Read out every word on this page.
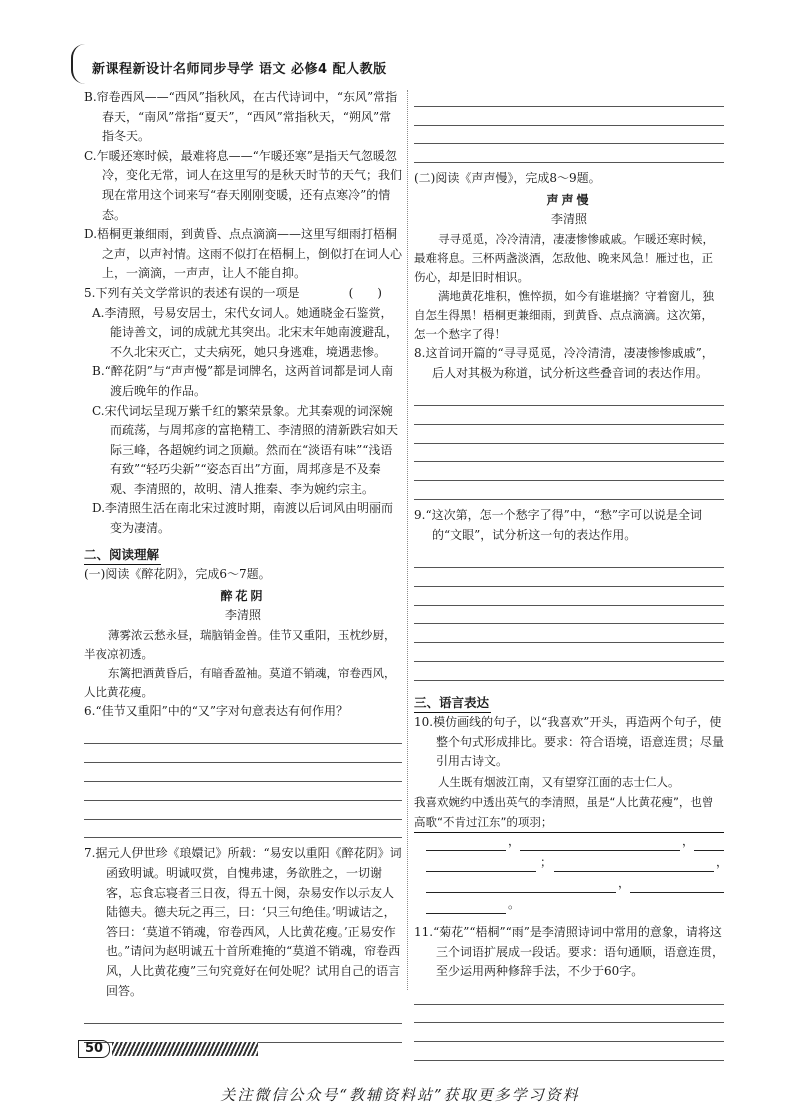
新课程新设计名师同步导学 语文 必修4 配人教版

B.帘卷西风——“西风”指秋风，在古代诗词中，“东风”常指春天，“南风”常指“夏天”，“西风”常指秋天，“朔风”常指冬天。

C.乍暖还寒时候，最难将息——“乍暖还寒”是指天气忽暖忽冷，变化无常，词人在这里写的是秋天时节的天气；我们现在常用这个词来写“春天刚刚变暖，还有点寒冷”的情态。

D.梧桐更兼细雨，到黄昏、点点滴滴——这里写细雨打梧桐之声，以声衬情。这雨不似打在梧桐上，倒似打在词人心上，一滴滴，一声声，让人不能自抑。

5.下列有关文学常识的表述有误的一项是	(　　)

A.李清照，号易安居士，宋代女词人。她通晓金石鉴赏，能诗善文，词的成就尤其突出。北宋末年她南渡避乱，不久北宋灭亡，丈夫病死，她只身逃难，境遇悲惨。

B.“醉花阴”与“声声慢”都是词牌名，这两首词都是词人南渡后晚年的作品。

C.宋代词坛呈现万紫千红的繁荣景象。尤其秦观的词深婉而疏荡，与周邦彦的富艳精工、李清照的清新跌宕如天际三峰，各超婉约词之顶巅。然而在“淡语有味”“浅语有致”“轻巧尖新”“姿态百出”方面，周邦彦是不及秦观、李清照的，故明、清人推秦、李为婉约宗主。

D.李清照生活在南北宋过渡时期，南渡以后词风由明丽而变为凄清。

二、阅读理解

(一)阅读《醉花阴》，完成6～7题。

醉花阴

李清照

薄雾浓云愁永昼，瑞脑销金兽。佳节又重阳，玉枕纱厨，半夜凉初透。

东篱把酒黄昏后，有暗香盈袖。莫道不销魂，帘卷西风，人比黄花瘦。

6.“佳节又重阳”中的“又”字对句意表达有何作用？

7.据元人伊世珍《琅嬛记》所载：“易安以重阳《醉花阴》词函致明诚。明诚叹赏，自愧弗逮，务欲胜之，一切谢客，忘食忘寝者三日夜，得五十阕，杂易安作以示友人陆德夫。德夫玩之再三，曰：‘只三句绝佳。’明诚诘之，答曰：‘莫道不销魂，帘卷西风，人比黄花瘦。’正易安作也。”请问为赵明诚五十首所难掩的“莫道不销魂，帘卷西风，人比黄花瘦”三句究竟好在何处呢？试用自己的语言回答。

(二)阅读《声声慢》，完成8～9题。

声声慢

李清照

寻寻觅觅，冷冷清清，凄凄惨惨戚戚。乍暖还寒时候，最难将息。三杯两盏淡酒，怎敌他、晚来风急！雁过也，正伤心，却是旧时相识。

满地黄花堆积，憔悴损，如今有谁堪摘？守着窗儿，独自怎生得黑！梧桐更兼细雨，到黄昏、点点滴滴。这次第，怎一个愁字了得！

8.这首词开篇的“寻寻觅觅，冷冷清清，凄凄惨惨戚戚”，后人对其极为称道，试分析这些叠音词的表达作用。

9.“这次第，怎一个愁字了得”中，“愁”字可以说是全词的“文眼”，试分析这一句的表达作用。

三、语言表达

10.模仿画线的句子，以“我喜欢”开头，再造两个句子，使整个句式形成排比。要求：符合语境，语意连贯；尽量引用古诗文。

人生既有烟波江南，又有望穿江面的志士仁人。

我喜欢婉约中透出英气的李清照，虽是“人比黄花瘦”，也曾高歌“不肯过江东”的项羽；

，	，
；	，
，
。

11.“菊花”“梧桐”“雨”是李清照诗词中常用的意象，请将这三个词语扩展成一段话。要求：语句通顺，语意连贯，至少运用两种修辞手法，不少于60字。

50
关注微信公众号“教辅资料站”获取更多学习资料
